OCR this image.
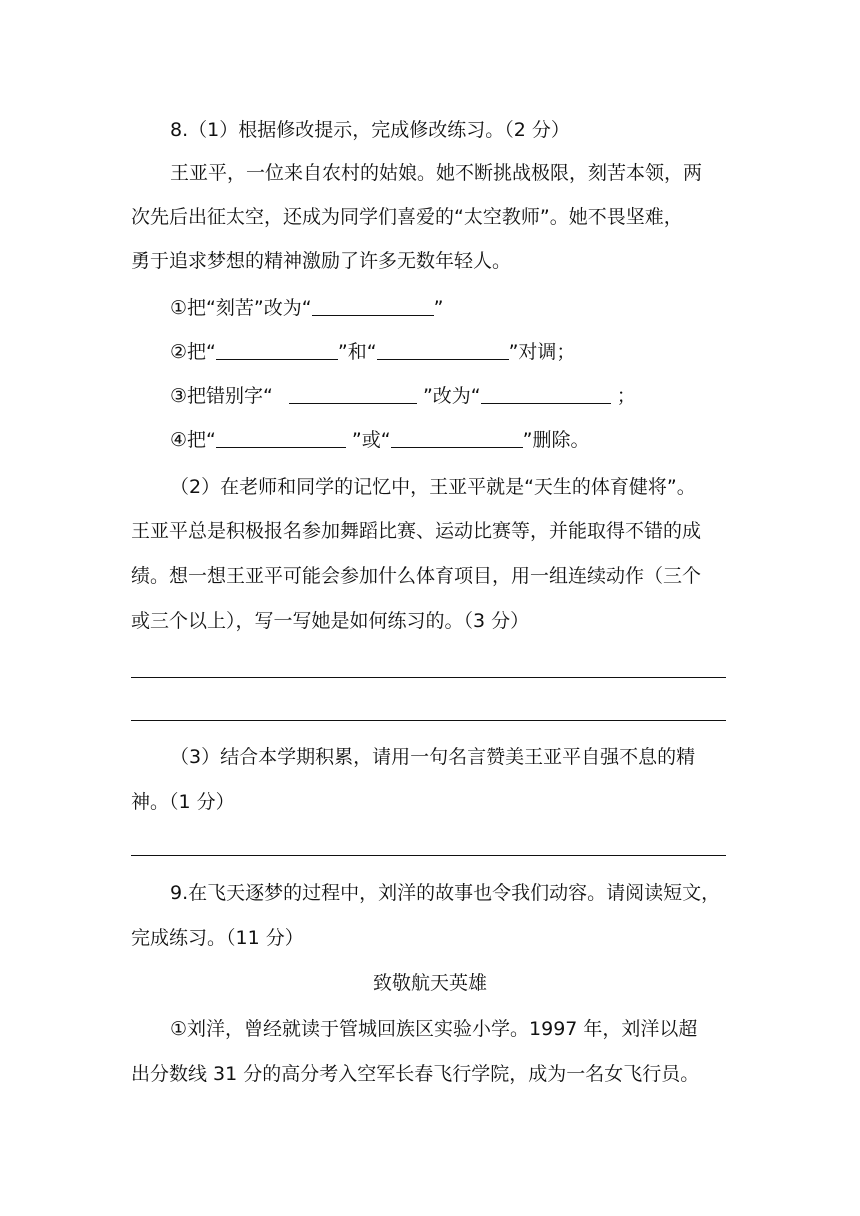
8.（1）根据修改提示，完成修改练习。（2 分）
王亚平，一位来自农村的姑娘。她不断挑战极限，刻苦本领，两
次先后出征太空，还成为同学们喜爱的“太空教师”。她不畏坚难，
勇于追求梦想的精神激励了许多无数年轻人。
①把“刻苦”改为“	”
②把“	”和“	”对调；
③把错别字“	”改为“	；
④把“	”或“	”删除。
（2）在老师和同学的记忆中，王亚平就是“天生的体育健将”。
王亚平总是积极报名参加舞蹈比赛、运动比赛等，并能取得不错的成
绩。想一想王亚平可能会参加什么体育项目，用一组连续动作（三个
或三个以上），写一写她是如何练习的。（3 分）
（3）结合本学期积累，请用一句名言赞美王亚平自强不息的精
神。（1 分）
9.在飞天逐梦的过程中，刘洋的故事也令我们动容。请阅读短文，
完成练习。（11 分）
致敬航天英雄
①刘洋，曾经就读于管城回族区实验小学。1997 年，刘洋以超
出分数线 31 分的高分考入空军长春飞行学院，成为一名女飞行员。
